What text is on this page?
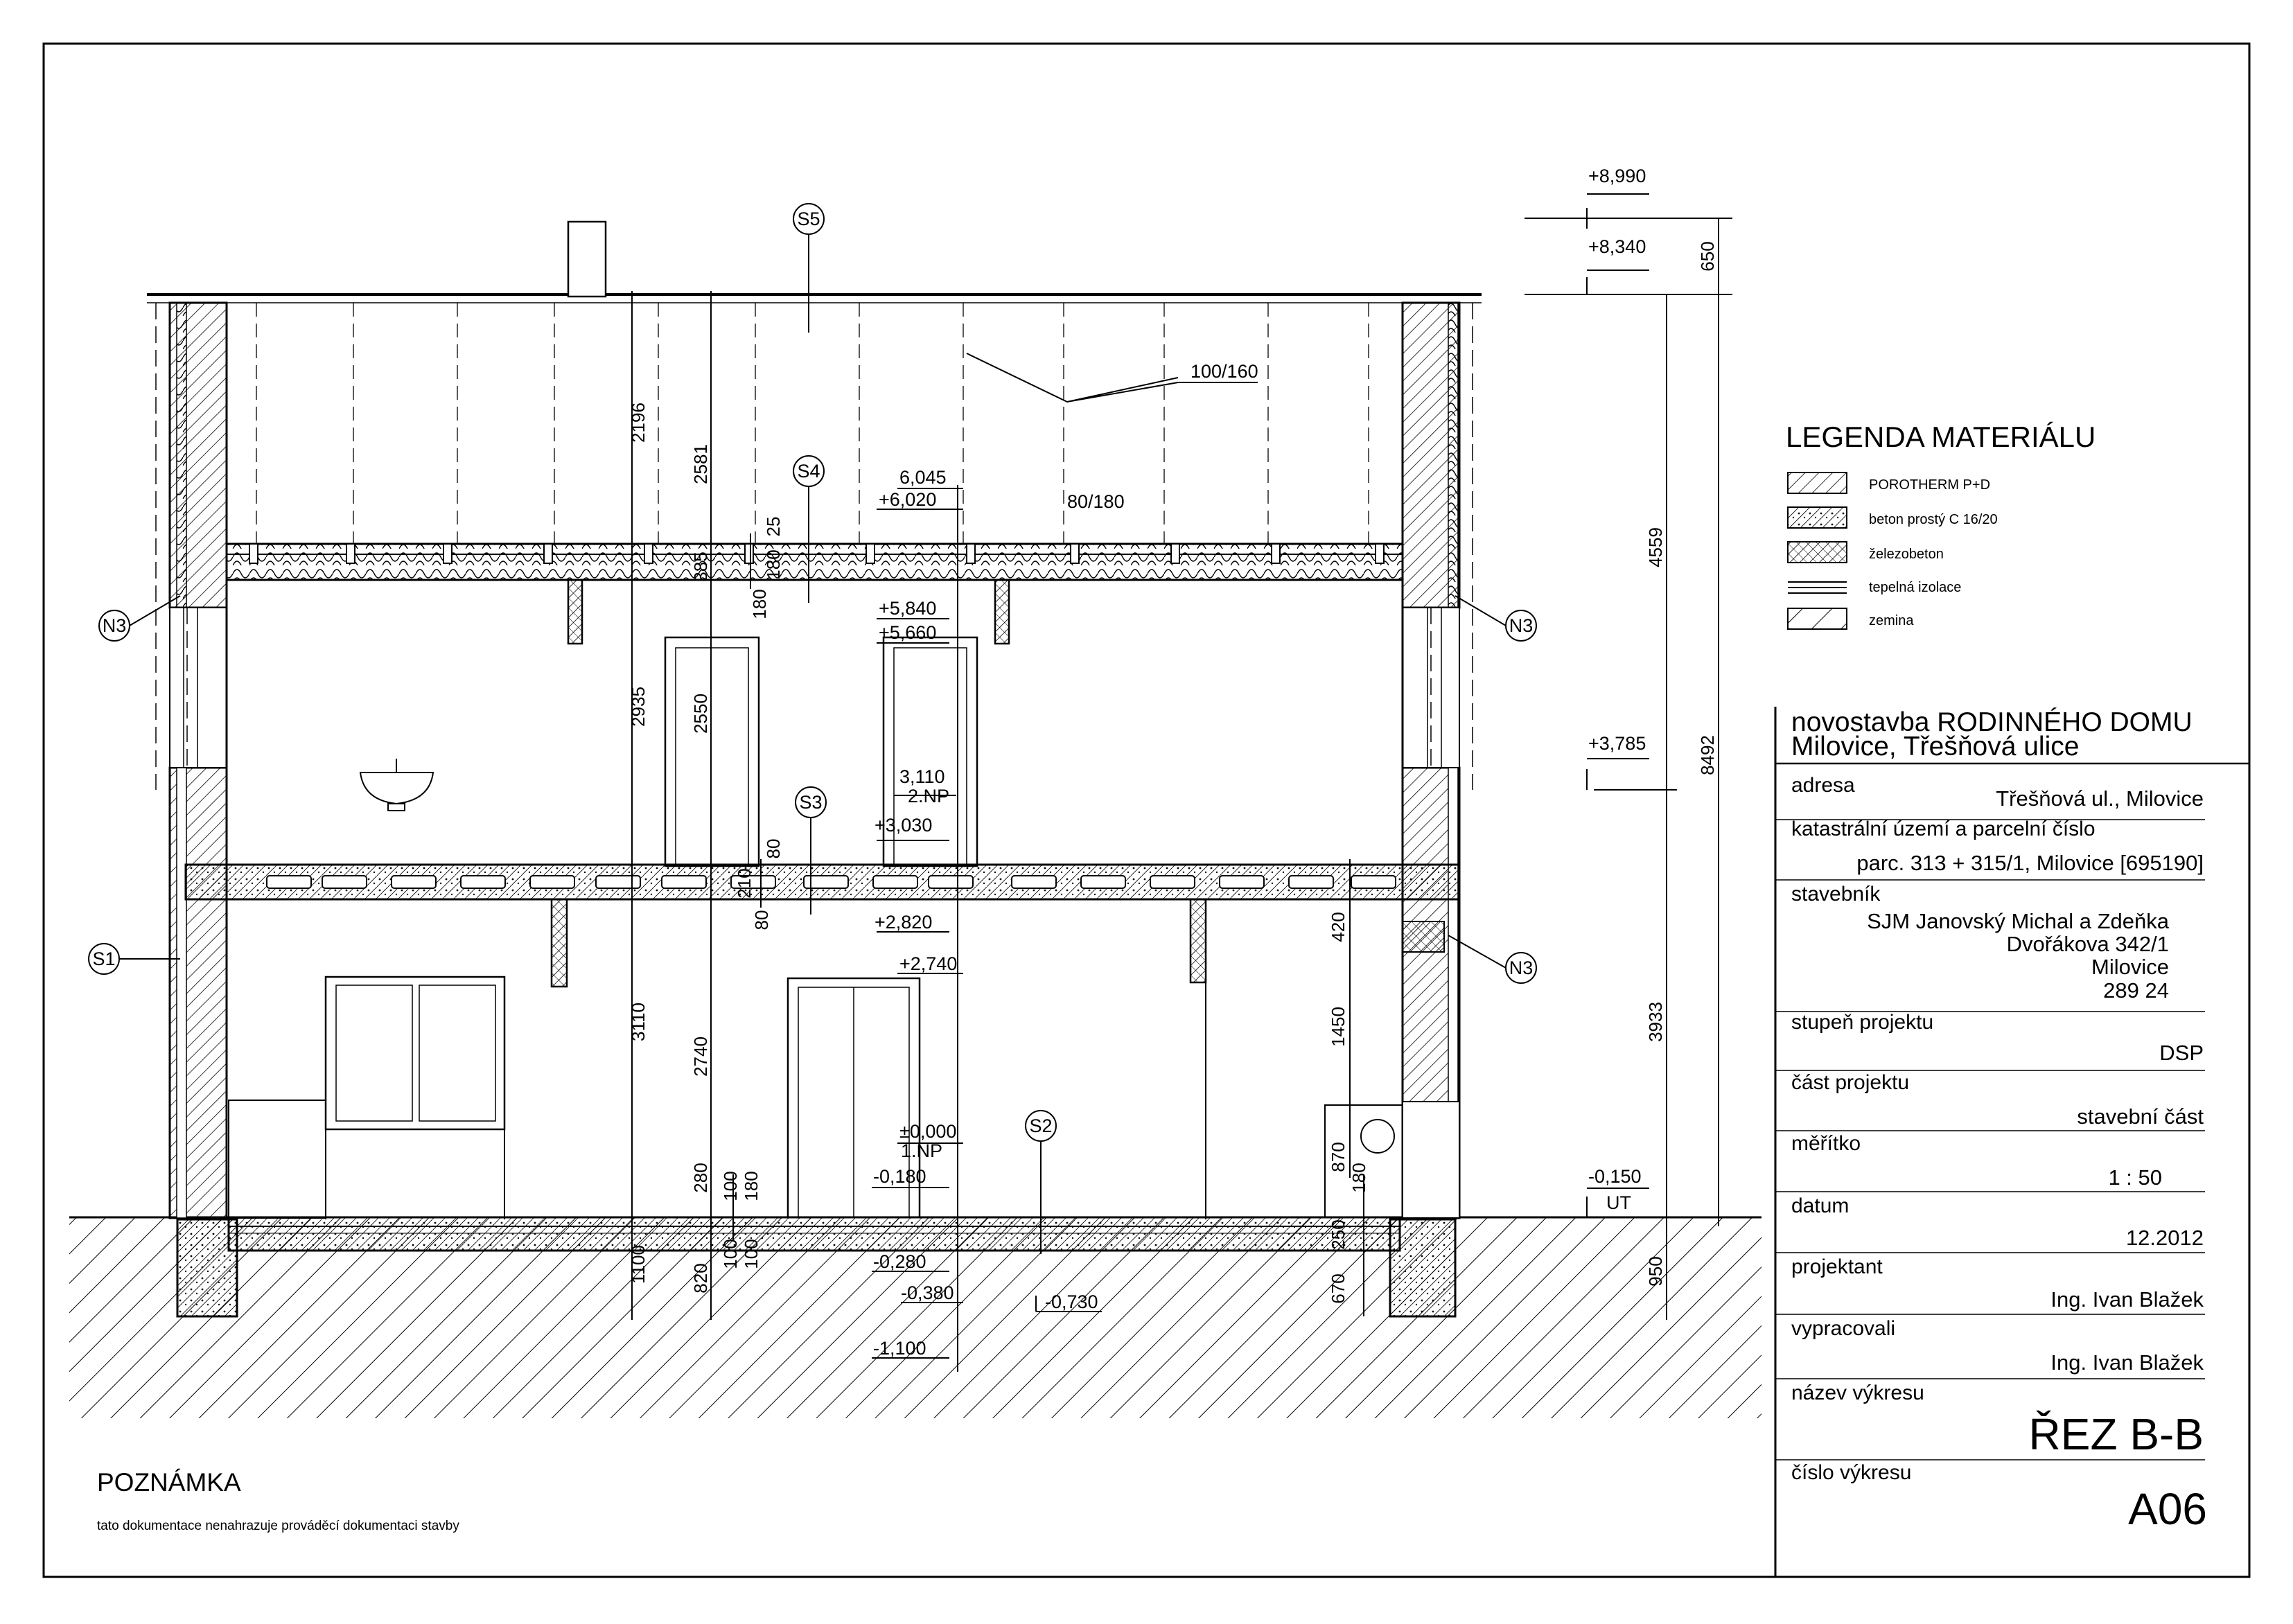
S5
S4
S3
S2
S1
N3	N3
N3
+8,990
+8,340
+3,785
-0,150
UT
6,045
+6,020
+5,840
+5,660
3,110
2.NP
+3,030
+2,820
+2,740
±0,000
1.NP
-0,180
-0,280
-0,380	-0,730
-1,100
100/160
80/180
650
4559
8492
3933
950
2196
2935
3110
1100
2581
2550
2740
820
385
25
180
180
80
80
210
100
280 180
100 100
250
420
1450
870
180
670
LEGENDA MATERIÁLU
POROTHERM P+D
beton prostý C 16/20
železobeton
tepelná izolace
zemina
novostavba RODINNÉHO DOMU
Milovice, Třešňová ulice
adresa
Třešňová ul., Milovice
katastrální území a parcelní číslo
parc. 313 + 315/1, Milovice [695190]
stavebník
SJM Janovský Michal a Zdeňka
Dvořákova 342/1
Milovice
289 24
stupeň projektu
DSP
část projektu
stavební část
měřítko
1 : 50
datum
12.2012
projektant
Ing. Ivan Blažek
vypracovali
Ing. Ivan Blažek
název výkresu
ŘEZ B-B
číslo výkresu
A06
POZNÁMKA
tato dokumentace nenahrazuje prováděcí dokumentaci stavby
